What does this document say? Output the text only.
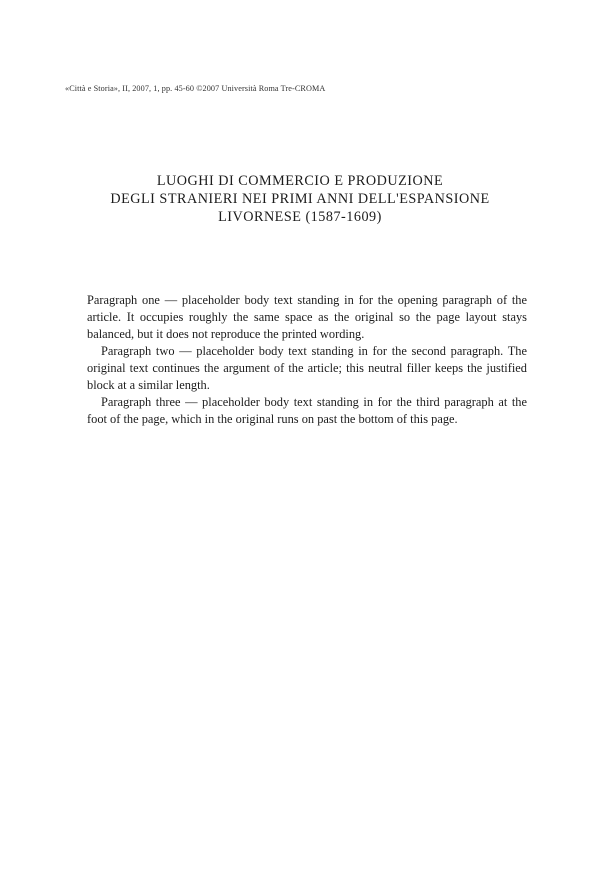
«Città e Storia», II, 2007, 1, pp. 45-60 ©2007 Università Roma Tre-CROMA
LUOGHI DI COMMERCIO E PRODUZIONE
DEGLI STRANIERI NEI PRIMI ANNI DELL'ESPANSIONE
LIVORNESE (1587-1609)

Paragraph one — placeholder body text standing in for the opening paragraph of the article. It occupies roughly the same space as the original so the page layout stays balanced, but it does not reproduce the printed wording.

Paragraph two — placeholder body text standing in for the second paragraph. The original text continues the argument of the article; this neutral filler keeps the justified block at a similar length.

Paragraph three — placeholder body text standing in for the third paragraph at the foot of the page, which in the original runs on past the bottom of this page.
